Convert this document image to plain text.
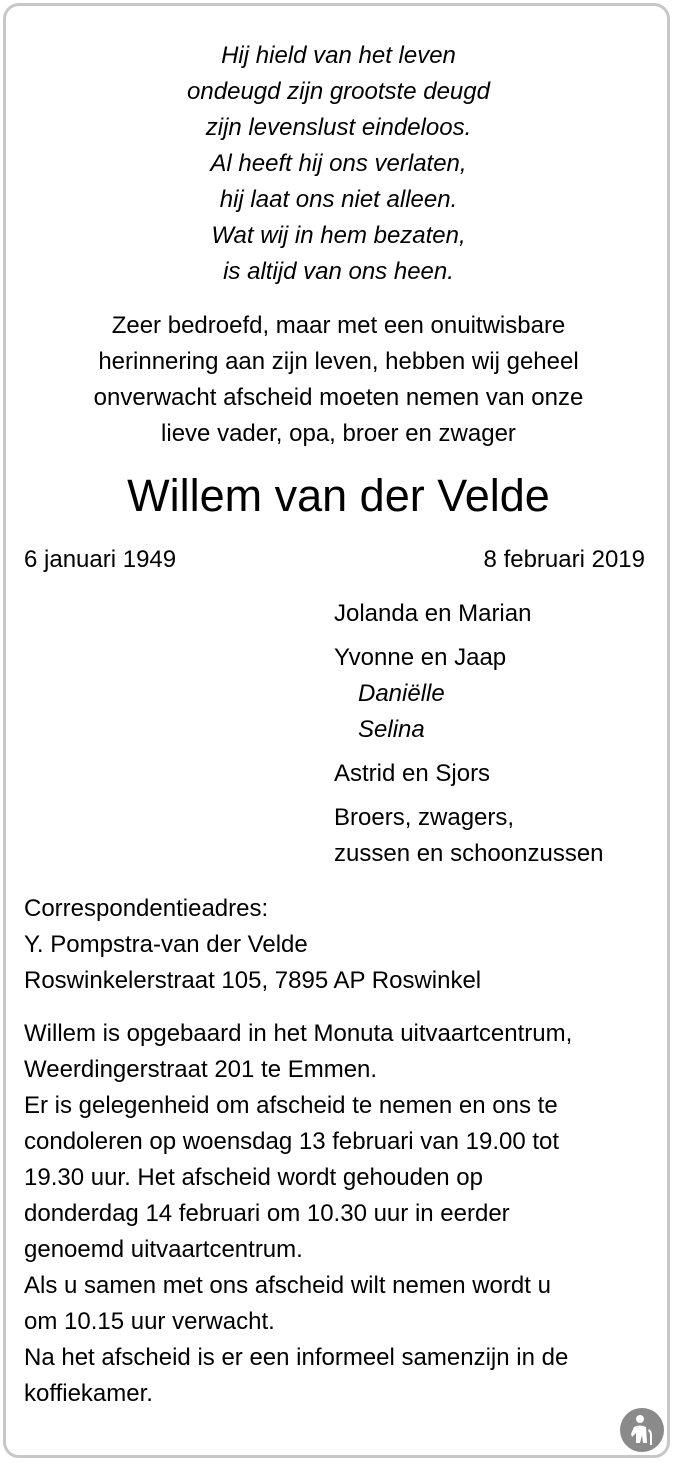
Hij hield van het leven
ondeugd zijn grootste deugd
zijn levenslust eindeloos.
Al heeft hij ons verlaten,
hij laat ons niet alleen.
Wat wij in hem bezaten,
is altijd van ons heen.
Zeer bedroefd, maar met een onuitwisbare
herinnering aan zijn leven, hebben wij geheel
onverwacht afscheid moeten nemen van onze
lieve vader, opa, broer en zwager
Willem van der Velde
6 januari 1949	8 februari 2019
Jolanda en Marian
Yvonne en Jaap
Daniëlle
Selina
Astrid en Sjors
Broers, zwagers,
zussen en schoonzussen
Correspondentieadres:
Y. Pompstra-van der Velde
Roswinkelerstraat 105, 7895 AP Roswinkel
Willem is opgebaard in het Monuta uitvaartcentrum,
Weerdingerstraat 201 te Emmen.
Er is gelegenheid om afscheid te nemen en ons te
condoleren op woensdag 13 februari van 19.00 tot
19.30 uur. Het afscheid wordt gehouden op
donderdag 14 februari om 10.30 uur in eerder
genoemd uitvaartcentrum.
Als u samen met ons afscheid wilt nemen wordt u
om 10.15 uur verwacht.
Na het afscheid is er een informeel samenzijn in de
koffiekamer.
